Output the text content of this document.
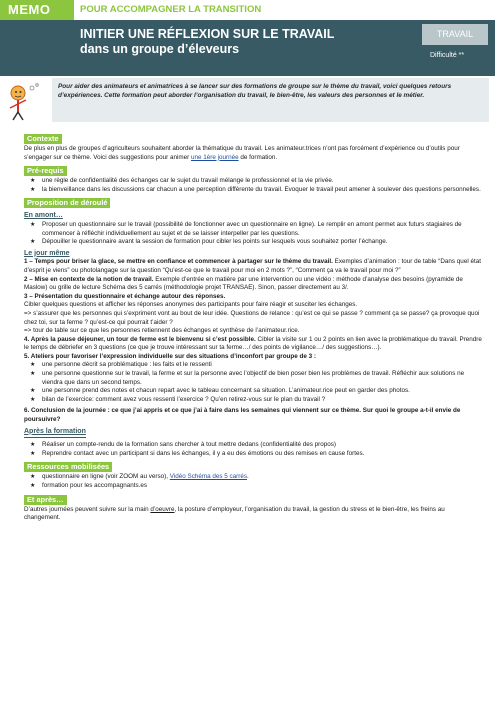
MEMO	POUR ACCOMPAGNER LA TRANSITION
INITIER UNE RÉFLEXION SUR LE TRAVAIL
dans un groupe d’éleveurs
TRAVAIL
Difficulté **
Pour aider des animateurs et animatrices à se lancer sur des formations de groupe sur le thème du travail, voici quelques retours d’expériences. Cette formation peut aborder l’organisation du travail, le bien-être, les valeurs des personnes et le métier.
Contexte

De plus en plus de groupes d’agriculteurs souhaitent aborder la thématique du travail. Les animateur.trices n’ont pas forcément d’expérience ou d’outils pour s’engager sur ce thème. Voici des suggestions pour animer une 1ère journée de formation.

Pré-requis
★	une règle de confidentialité des échanges car le sujet du travail mélange le professionnel et la vie privée.
★	la bienveillance dans les discussions car chacun a une perception différente du travail. Evoquer le travail peut amener à soulever des questions personnelles.
Proposition de déroulé
En amont…
★	Proposer un questionnaire sur le travail (possibilité de fonctionner avec un questionnaire en ligne). Le remplir en amont permet aux futurs stagiaires de commencer à réfléchir individuellement au sujet et de se laisser interpeller par les questions.
★	Dépouiller le questionnaire avant la session de formation pour cibler les points sur lesquels vous souhaitez porter l’échange.
Le jour même

1 – Temps pour briser la glace, se mettre en confiance et commencer à partager sur le thème du travail. Exemples d’animation : tour de table “Dans quel état d’esprit je viens” ou photolangage sur la question “Qu’est-ce que le travail pour moi en 2 mots ?”, “Comment ça va le travail pour moi ?”

2 – Mise en contexte de la notion de travail. Exemple d’entrée en matière par une intervention ou une vidéo : méthode d’analyse des besoins (pyramide de Maslow) ou grille de lecture Schéma des 5 carrés (méthodologie projet TRANSAE). Sinon, passer directement au 3/.

3 – Présentation du questionnaire et échange autour des réponses.

Cibler quelques questions et afficher les réponses anonymes des participants pour faire réagir et susciter les échanges.

=> s’assurer que les personnes qui s’expriment vont au bout de leur idée. Questions de relance : qu’est ce qui se passe ? comment ça se passe? ça provoque quoi chez toi, sur ta ferme ? qu’est-ce qui pourrait t’aider ?

=> tour de table sur ce que les personnes retiennent des échanges et synthèse de l’animateur.rice.

4. Après la pause déjeuner, un tour de ferme est le bienvenu si c’est possible. Cibler la visite sur 1 ou 2 points en lien avec la problématique du travail. Prendre le temps de débriefer en 3 questions (ce que je trouve intéressant sur ta ferme…/ des points de vigilance…/ des suggestions…).

5. Ateliers pour favoriser l’expression individuelle sur des situations d’inconfort par groupe de 3 :

★	une personne décrit sa problématique : les faits et le ressenti
★	une personne questionne sur le travail, la ferme et sur la personne avec l’objectif de bien poser bien les problèmes de travail. Réfléchir aux solutions ne viendra que dans un second temps.
★	une personne prend des notes et chacun repart avec le tableau concernant sa situation. L’animateur.rice peut en garder des photos.
★	bilan de l’exercice: comment avez vous ressenti l’exercice ? Qu’en retirez-vous sur le plan du travail ?

6. Conclusion de la journée : ce que j’ai appris et ce que j’ai à faire dans les semaines qui viennent sur ce thème. Sur quoi le groupe a-t-il envie de poursuivre?

Après la formation
★	Réaliser un compte-rendu de la formation sans chercher à tout mettre dedans (confidentialité des propos)
★	Reprendre contact avec un participant si dans les échanges, il y a eu des émotions ou des remises en cause fortes.
Ressources mobilisées
★	questionnaire en ligne (voir ZOOM au verso), Vidéo Schéma des 5 carrés.
★	formation pour les accompagnants.es
Et après…

D’autres journées peuvent suivre sur la main d’oeuvre, la posture d’employeur, l’organisation du travail, la gestion du stress et le bien-être, les freins au changement.
